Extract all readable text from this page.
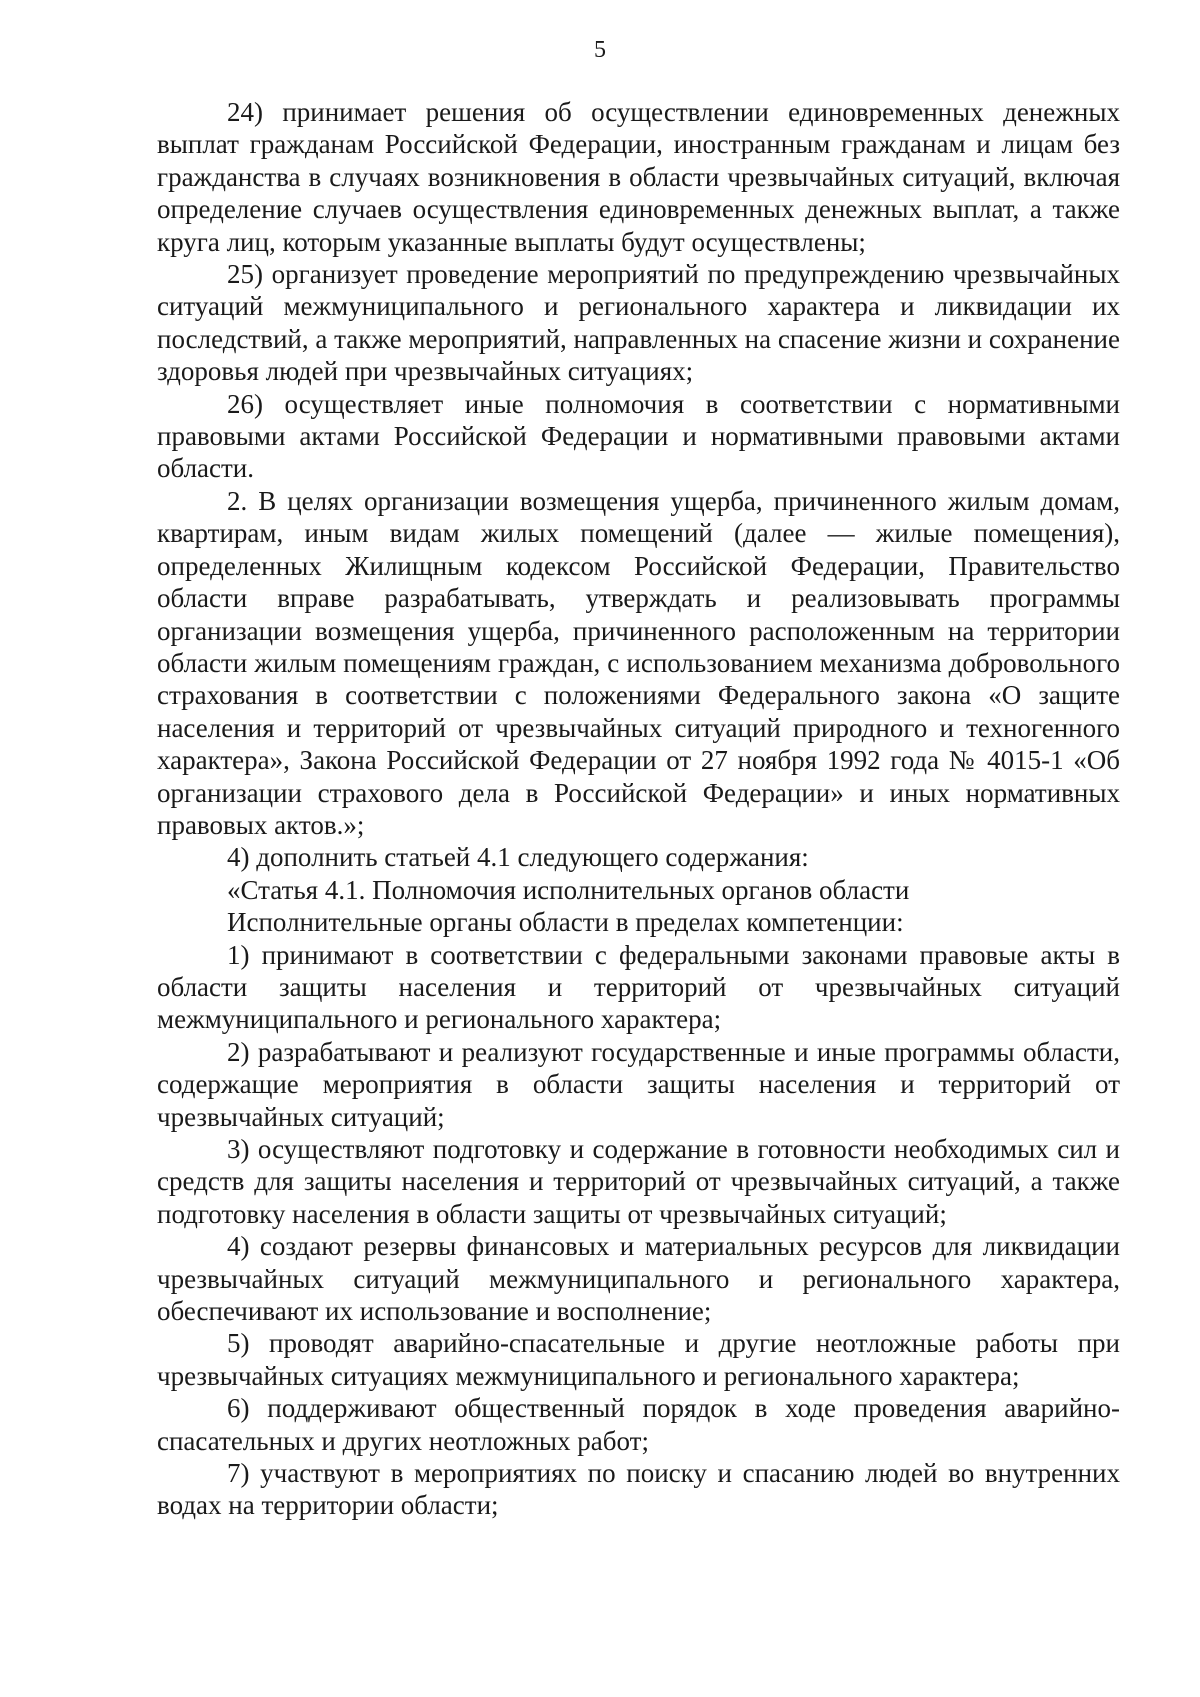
5

24) принимает решения об осуществлении единовременных денежных выплат гражданам Российской Федерации, иностранным гражданам и лицам без гражданства в случаях возникновения в области чрезвычайных ситуаций, включая определение случаев осуществления единовременных денежных выплат, а также круга лиц, которым указанные выплаты будут осуществлены;

25) организует проведение мероприятий по предупреждению чрезвычайных ситуаций межмуниципального и регионального характера и ликвидации их последствий, а также мероприятий, направленных на спасение жизни и сохранение здоровья людей при чрезвычайных ситуациях;

26) осуществляет иные полномочия в соответствии с нормативными правовыми актами Российской Федерации и нормативными правовыми актами области.

2. В целях организации возмещения ущерба, причиненного жилым домам, квартирам, иным видам жилых помещений (далее — жилые помещения), определенных Жилищным кодексом Российской Федерации, Правительство области вправе разрабатывать, утверждать и реализовывать программы организации возмещения ущерба, причиненного расположенным на территории области жилым помещениям граждан, с использованием механизма добровольного страхования в соответствии с положениями Федерального закона «О защите населения и территорий от чрезвычайных ситуаций природного и техногенного характера», Закона Российской Федерации от 27 ноября 1992 года № 4015-1 «Об организации страхового дела в Российской Федерации» и иных нормативных правовых актов.»;

4) дополнить статьей 4.1 следующего содержания:

«Статья 4.1. Полномочия исполнительных органов области

Исполнительные органы области в пределах компетенции:

1) принимают в соответствии с федеральными законами правовые акты в области защиты населения и территорий от чрезвычайных ситуаций межмуниципального и регионального характера;

2) разрабатывают и реализуют государственные и иные программы области, содержащие мероприятия в области защиты населения и территорий от чрезвычайных ситуаций;

3) осуществляют подготовку и содержание в готовности необходимых сил и средств для защиты населения и территорий от чрезвычайных ситуаций, а также подготовку населения в области защиты от чрезвычайных ситуаций;

4) создают резервы финансовых и материальных ресурсов для ликвидации чрезвычайных ситуаций межмуниципального и регионального характера, обеспечивают их использование и восполнение;

5) проводят аварийно-спасательные и другие неотложные работы при чрезвычайных ситуациях межмуниципального и регионального характера;

6) поддерживают общественный порядок в ходе проведения аварийно-спасательных и других неотложных работ;

7) участвуют в мероприятиях по поиску и спасанию людей во внутренних водах на территории области;
